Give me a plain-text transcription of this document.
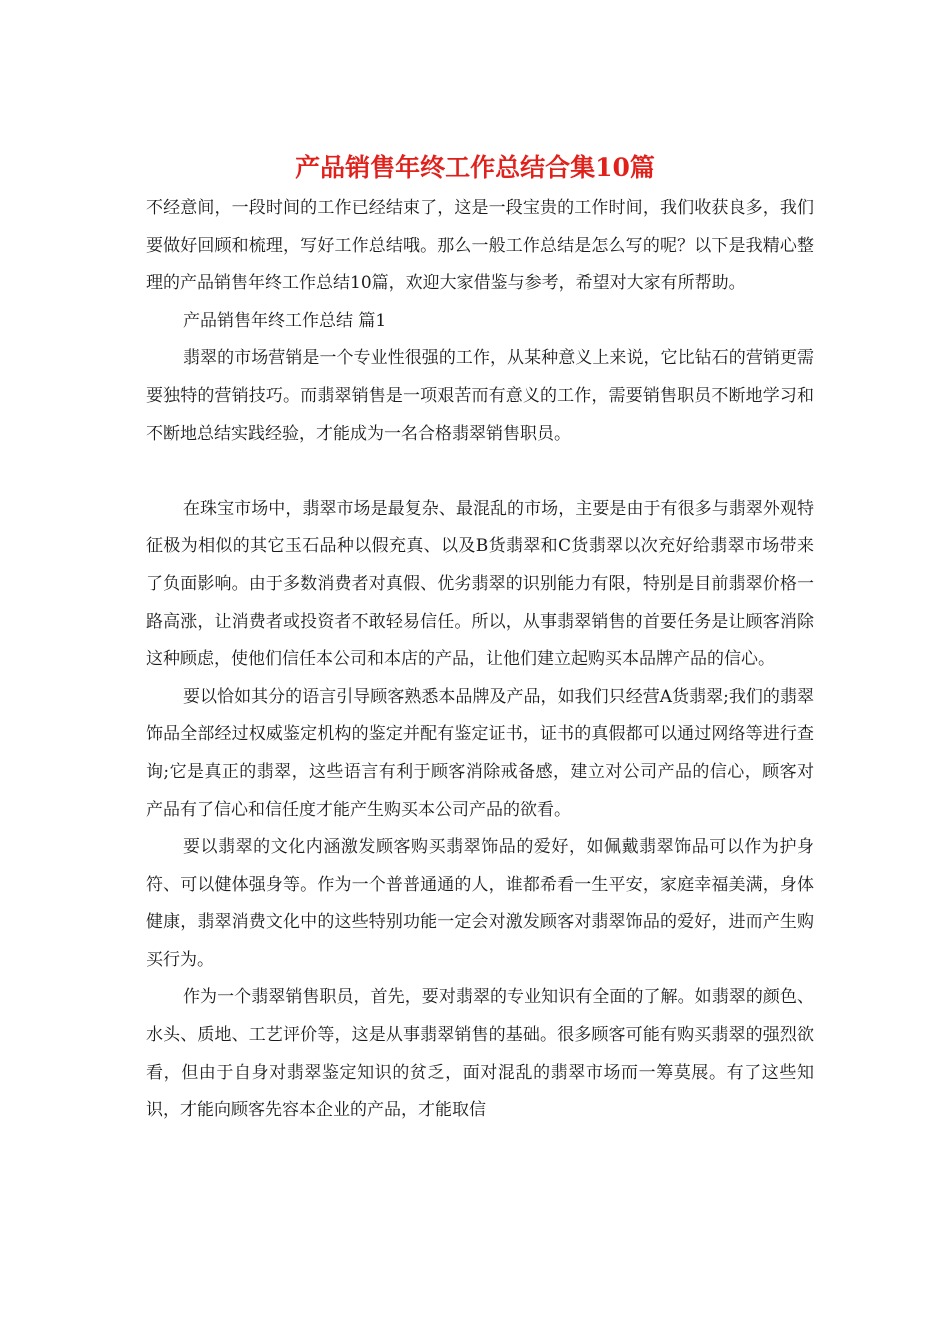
产品销售年终工作总结合集10篇

不经意间，一段时间的工作已经结束了，这是一段宝贵的工作时间，我们收获良多，我们要做好回顾和梳理，写好工作总结哦。那么一般工作总结是怎么写的呢？以下是我精心整理的产品销售年终工作总结10篇，欢迎大家借鉴与参考，希望对大家有所帮助。

产品销售年终工作总结 篇1

翡翠的市场营销是一个专业性很强的工作，从某种意义上来说，它比钻石的营销更需要独特的营销技巧。而翡翠销售是一项艰苦而有意义的工作，需要销售职员不断地学习和不断地总结实践经验，才能成为一名合格翡翠销售职员。

在珠宝市场中，翡翠市场是最复杂、最混乱的市场，主要是由于有很多与翡翠外观特征极为相似的其它玉石品种以假充真、以及B货翡翠和C货翡翠以次充好给翡翠市场带来了负面影响。由于多数消费者对真假、优劣翡翠的识别能力有限，特别是目前翡翠价格一路高涨，让消费者或投资者不敢轻易信任。所以，从事翡翠销售的首要任务是让顾客消除这种顾虑，使他们信任本公司和本店的产品，让他们建立起购买本品牌产品的信心。

要以恰如其分的语言引导顾客熟悉本品牌及产品，如我们只经营A货翡翠;我们的翡翠饰品全部经过权威鉴定机构的鉴定并配有鉴定证书，证书的真假都可以通过网络等进行查询;它是真正的翡翠，这些语言有利于顾客消除戒备感，建立对公司产品的信心，顾客对产品有了信心和信任度才能产生购买本公司产品的欲看。

要以翡翠的文化内涵激发顾客购买翡翠饰品的爱好，如佩戴翡翠饰品可以作为护身符、可以健体强身等。作为一个普普通通的人，谁都希看一生平安，家庭幸福美满，身体健康，翡翠消费文化中的这些特别功能一定会对激发顾客对翡翠饰品的爱好，进而产生购买行为。

作为一个翡翠销售职员，首先，要对翡翠的专业知识有全面的了解。如翡翠的颜色、水头、质地、工艺评价等，这是从事翡翠销售的基础。很多顾客可能有购买翡翠的强烈欲看，但由于自身对翡翠鉴定知识的贫乏，面对混乱的翡翠市场而一筹莫展。有了这些知识，才能向顾客先容本企业的产品，才能取信
